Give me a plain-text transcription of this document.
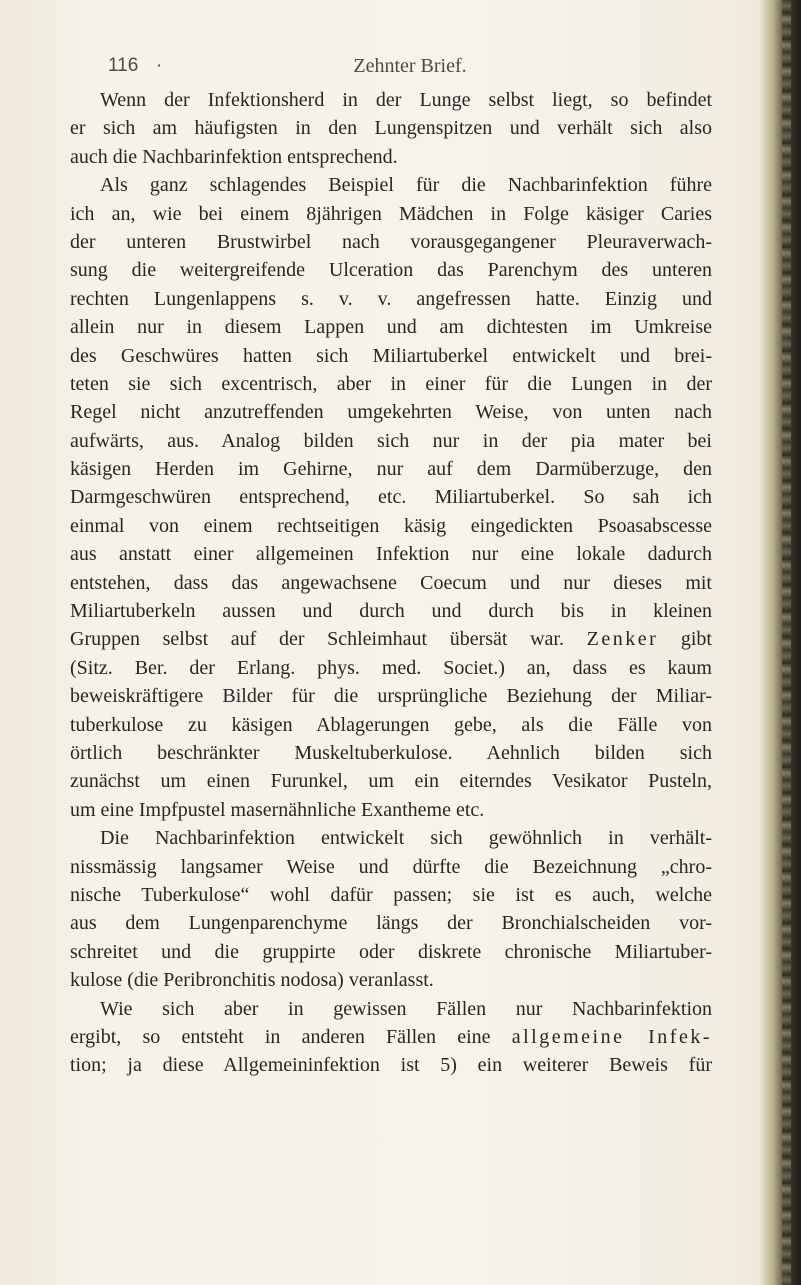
116 ·	Zehnter Brief.
Wenn der Infektionsherd in der Lunge selbst liegt, so befindet
er sich am häufigsten in den Lungenspitzen und verhält sich also
auch die Nachbarinfektion entsprechend.
Als ganz schlagendes Beispiel für die Nachbarinfektion führe
ich an, wie bei einem 8jährigen Mädchen in Folge käsiger Caries
der unteren Brustwirbel nach vorausgegangener Pleuraverwach-
sung die weitergreifende Ulceration das Parenchym des unteren
rechten Lungenlappens s. v. v. angefressen hatte. Einzig und
allein nur in diesem Lappen und am dichtesten im Umkreise
des Geschwüres hatten sich Miliartuberkel entwickelt und brei-
teten sie sich excentrisch, aber in einer für die Lungen in der
Regel nicht anzutreffenden umgekehrten Weise, von unten nach
aufwärts, aus. Analog bilden sich nur in der pia mater bei
käsigen Herden im Gehirne, nur auf dem Darmüberzuge, den
Darmgeschwüren entsprechend, etc. Miliartuberkel. So sah ich
einmal von einem rechtseitigen käsig eingedickten Psoasabscesse
aus anstatt einer allgemeinen Infektion nur eine lokale dadurch
entstehen, dass das angewachsene Coecum und nur dieses mit
Miliartuberkeln aussen und durch und durch bis in kleinen
Gruppen selbst auf der Schleimhaut übersät war. Zenker gibt
(Sitz. Ber. der Erlang. phys. med. Societ.) an, dass es kaum
beweiskräftigere Bilder für die ursprüngliche Beziehung der Miliar-
tuberkulose zu käsigen Ablagerungen gebe, als die Fälle von
örtlich beschränkter Muskeltuberkulose. Aehnlich bilden sich
zunächst um einen Furunkel, um ein eiterndes Vesikator Pusteln,
um eine Impfpustel masernähnliche Exantheme etc.
Die Nachbarinfektion entwickelt sich gewöhnlich in verhält-
nissmässig langsamer Weise und dürfte die Bezeichnung „chro-
nische Tuberkulose“ wohl dafür passen; sie ist es auch, welche
aus dem Lungenparenchyme längs der Bronchialscheiden vor-
schreitet und die gruppirte oder diskrete chronische Miliartuber-
kulose (die Peribronchitis nodosa) veranlasst.
Wie sich aber in gewissen Fällen nur Nachbarinfektion
ergibt, so entsteht in anderen Fällen eine allgemeine Infek-
tion; ja diese Allgemeininfektion ist 5) ein weiterer Beweis für
